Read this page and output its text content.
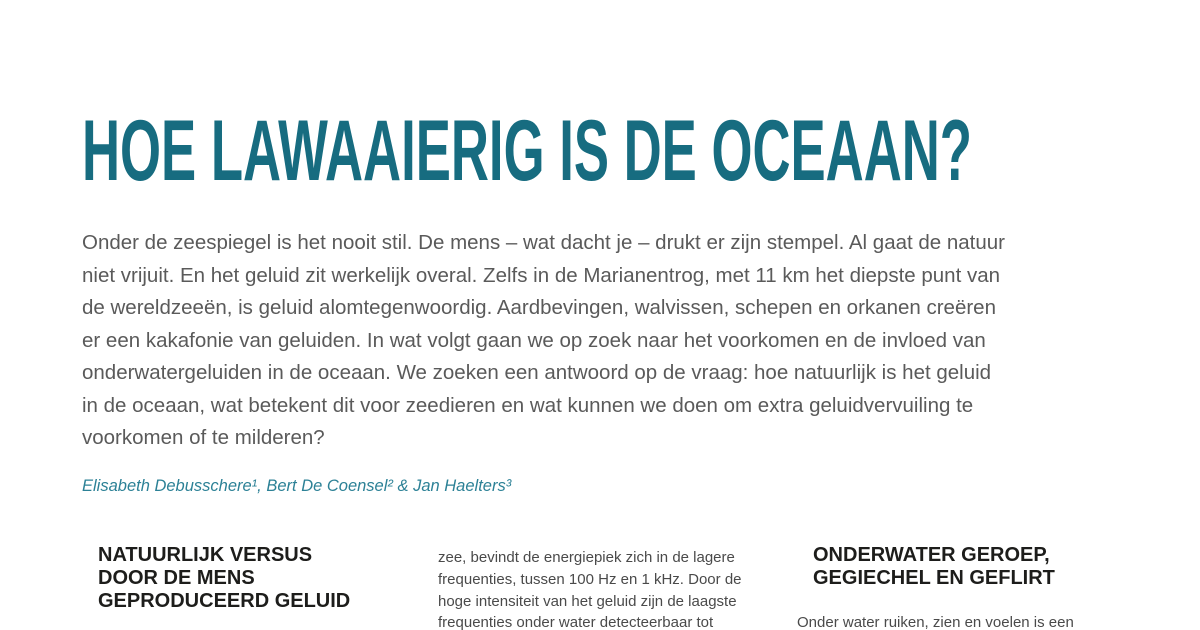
HOE LAWAAIERIG IS DE OCEAAN?
Onder de zeespiegel is het nooit stil. De mens – wat dacht je – drukt er zijn stempel. Al gaat de natuur
niet vrijuit. En het geluid zit werkelijk overal. Zelfs in de Marianentrog, met 11 km het diepste punt van
de wereldzeeën, is geluid alomtegenwoordig. Aardbevingen, walvissen, schepen en orkanen creëren
er een kakafonie van geluiden. In wat volgt gaan we op zoek naar het voorkomen en de invloed van
onderwatergeluiden in de oceaan. We zoeken een antwoord op de vraag: hoe natuurlijk is het geluid
in de oceaan, wat betekent dit voor zeedieren en wat kunnen we doen om extra geluidvervuiling te
voorkomen of te milderen?
Elisabeth Debusschere¹, Bert De Coensel² & Jan Haelters³
NATUURLIJK VERSUS
DOOR DE MENS
GEPRODUCEERD GELUID
zee, bevindt de energiepiek zich in de lagere
frequenties, tussen 100 Hz en 1 kHz. Door de
hoge intensiteit van het geluid zijn de laagste
frequenties onder water detecteerbaar tot
ONDERWATER GEROEP,
GEGIECHEL EN GEFLIRT
Onder water ruiken, zien en voelen is een
